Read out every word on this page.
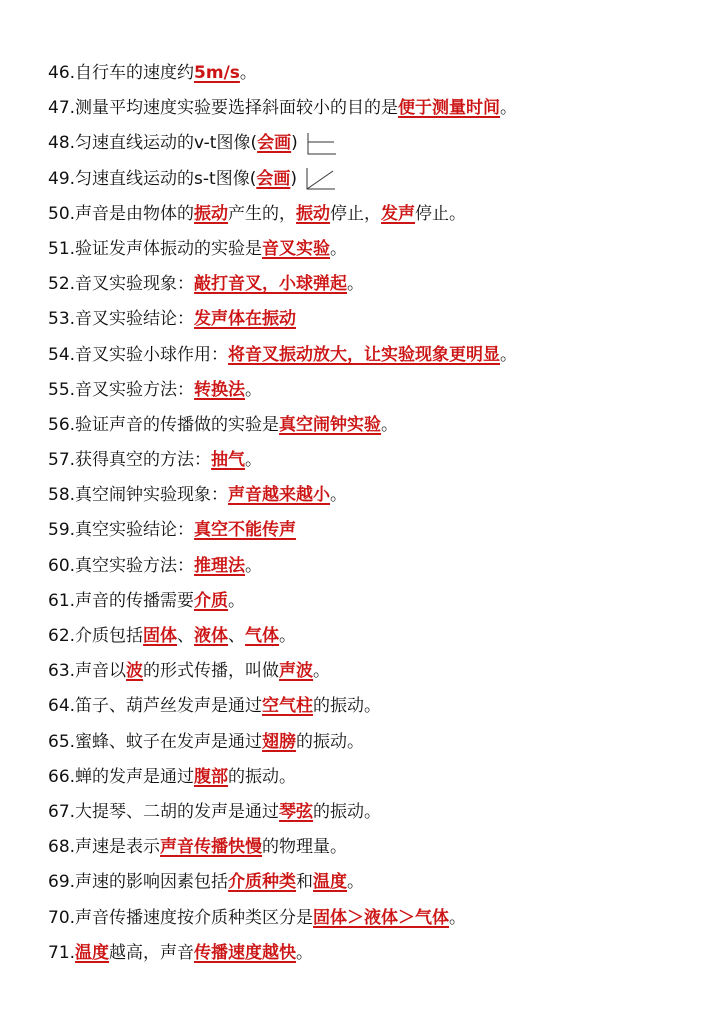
46. 自行车的速度约 5m/s 。
47. 测量平均速度实验要选择斜面较小的目的是 便于测量时间 。
48. 匀速直线运动的v-t图像( 会画 )
49. 匀速直线运动的s-t图像( 会画 )
50. 声音是由物体的 振动 产生的， 振动 停止， 发声 停止。
51. 验证发声体振动的实验是 音叉实验 。
52. 音叉实验现象： 敲打音叉，小球弹起 。
53. 音叉实验结论： 发声体在振动
54. 音叉实验小球作用： 将音叉振动放大，让实验现象更明显 。
55. 音叉实验方法： 转换法 。
56. 验证声音的传播做的实验是 真空闹钟实验 。
57. 获得真空的方法： 抽气 。
58. 真空闹钟实验现象： 声音越来越小 。
59. 真空实验结论： 真空不能传声
60. 真空实验方法： 推理法 。
61. 声音的传播需要 介质 。
62. 介质包括 固体 、 液体 、 气体 。
63. 声音以 波 的形式传播，叫做 声波 。
64. 笛子、葫芦丝发声是通过 空气柱 的振动。
65. 蜜蜂、蚊子在发声是通过 翅膀 的振动。
66. 蝉的发声是通过 腹部 的振动。
67. 大提琴、二胡的发声是通过 琴弦 的振动。
68. 声速是表示 声音传播快慢 的物理量。
69. 声速的影响因素包括 介质种类 和 温度 。
70. 声音传播速度按介质种类区分是 固体＞液体＞气体 。
71. 温度 越高，声音 传播速度越快 。
